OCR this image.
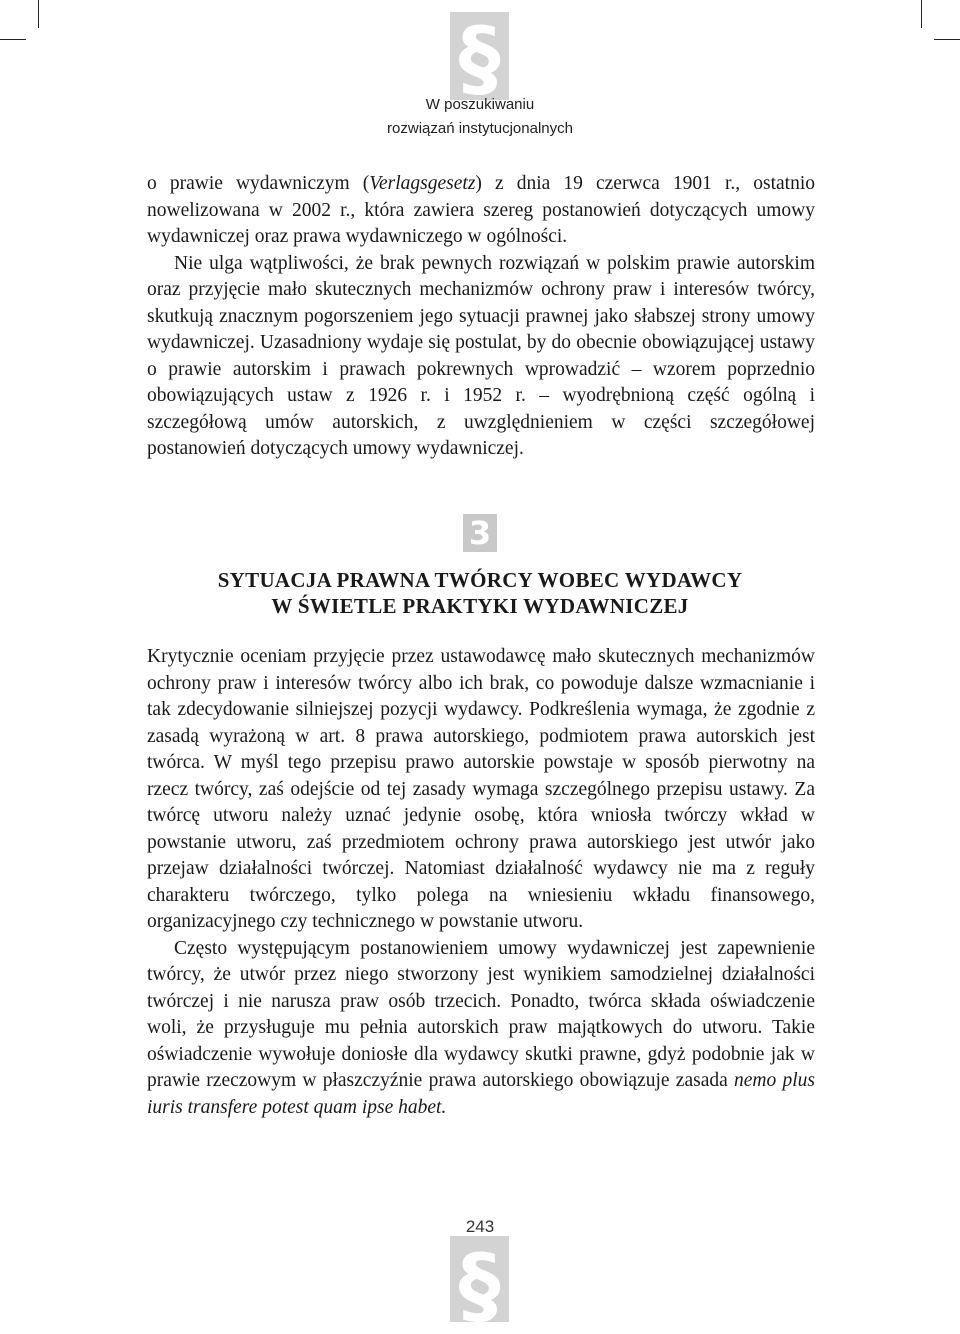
§
W poszukiwaniu
rozwiązań instytucjonalnych

o prawie wydawniczym (Verlagsgesetz) z dnia 19 czerwca 1901 r., ostatnio nowelizowana w 2002 r., która zawiera szereg postanowień dotyczących umowy wydawniczej oraz prawa wydawniczego w ogólności.

Nie ulga wątpliwości, że brak pewnych rozwiązań w polskim prawie autorskim oraz przyjęcie mało skutecznych mechanizmów ochrony praw i interesów twórcy, skutkują znacznym pogorszeniem jego sytuacji prawnej jako słabszej strony umowy wydawniczej. Uzasadniony wydaje się postulat, by do obecnie obowiązującej ustawy o prawie autorskim i prawach pokrewnych wprowadzić – wzorem poprzednio obowiązujących ustaw z 1926 r. i 1952 r. – wyodrębnioną część ogólną i szczegółową umów autorskich, z uwzględnieniem w części szczegółowej postanowień dotyczących umowy wydawniczej.

3
SYTUACJA PRAWNA TWÓRCY WOBEC WYDAWCY
W ŚWIETLE PRAKTYKI WYDAWNICZEJ

Krytycznie oceniam przyjęcie przez ustawodawcę mało skutecznych mechanizmów ochrony praw i interesów twórcy albo ich brak, co powoduje dalsze wzmacnianie i tak zdecydowanie silniejszej pozycji wydawcy. Podkreślenia wymaga, że zgodnie z zasadą wyrażoną w art. 8 prawa autorskiego, podmiotem prawa autorskich jest twórca. W myśl tego przepisu prawo autorskie powstaje w sposób pierwotny na rzecz twórcy, zaś odejście od tej zasady wymaga szczególnego przepisu ustawy. Za twórcę utworu należy uznać jedynie osobę, która wniosła twórczy wkład w powstanie utworu, zaś przedmiotem ochrony prawa autorskiego jest utwór jako przejaw działalności twórczej. Natomiast działalność wydawcy nie ma z reguły charakteru twórczego, tylko polega na wniesieniu wkładu finansowego, organizacyjnego czy technicznego w powstanie utworu.

Często występującym postanowieniem umowy wydawniczej jest zapewnienie twórcy, że utwór przez niego stworzony jest wynikiem samodzielnej działalności twórczej i nie narusza praw osób trzecich. Ponadto, twórca składa oświadczenie woli, że przysługuje mu pełnia autorskich praw majątkowych do utworu. Takie oświadczenie wywołuje doniosłe dla wydawcy skutki prawne, gdyż podobnie jak w prawie rzeczowym w płaszczyźnie prawa autorskiego obowiązuje zasada nemo plus iuris transfere potest quam ipse habet.

243
§
